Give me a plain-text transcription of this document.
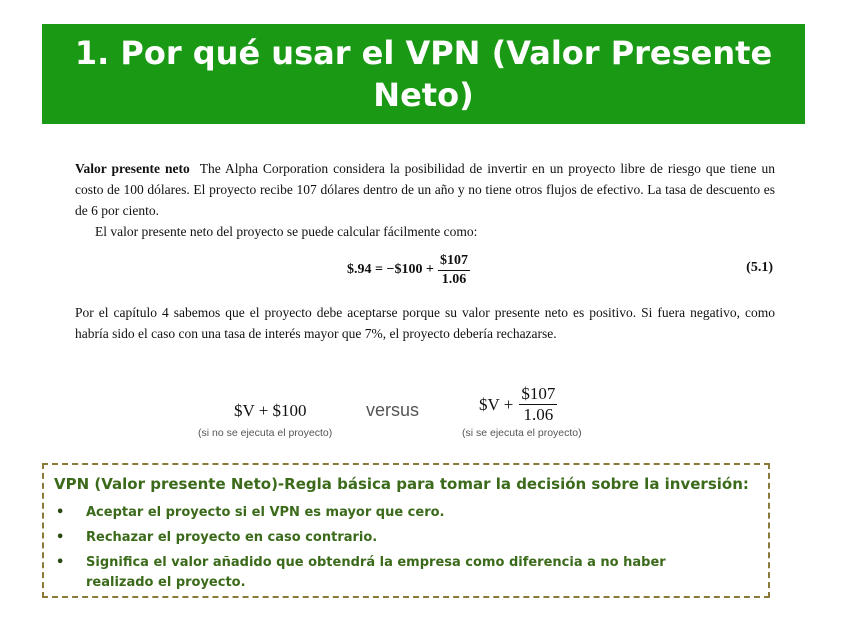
1. Por qué usar el VPN (Valor Presente Neto)

Valor presente neto The Alpha Corporation considera la posibilidad de invertir en un proyecto libre de riesgo que tiene un costo de 100 dólares. El proyecto recibe 107 dólares dentro de un año y no tiene otros flujos de efectivo. La tasa de descuento es de 6 por ciento.

El valor presente neto del proyecto se puede calcular fácilmente como:

$.94 = −$100 + $\frac{\$107}{1.06}$	(5.1)

Por el capítulo 4 sabemos que el proyecto debe aceptarse porque su valor presente neto es positivo. Si fuera negativo, como habría sido el caso con una tasa de interés mayor que 7%, el proyecto debería rechazarse.

$V + $100	versus	$V + $\frac{\$107}{1.06}$
(si no se ejecuta el proyecto)	(si se ejecuta el proyecto)
VPN (Valor presente Neto)-Regla básica para tomar la decisión sobre la inversión:
• Aceptar el proyecto si el VPN es mayor que cero.
• Rechazar el proyecto en caso contrario.
• Significa el valor añadido que obtendrá la empresa como diferencia a no haber realizado el proyecto.
